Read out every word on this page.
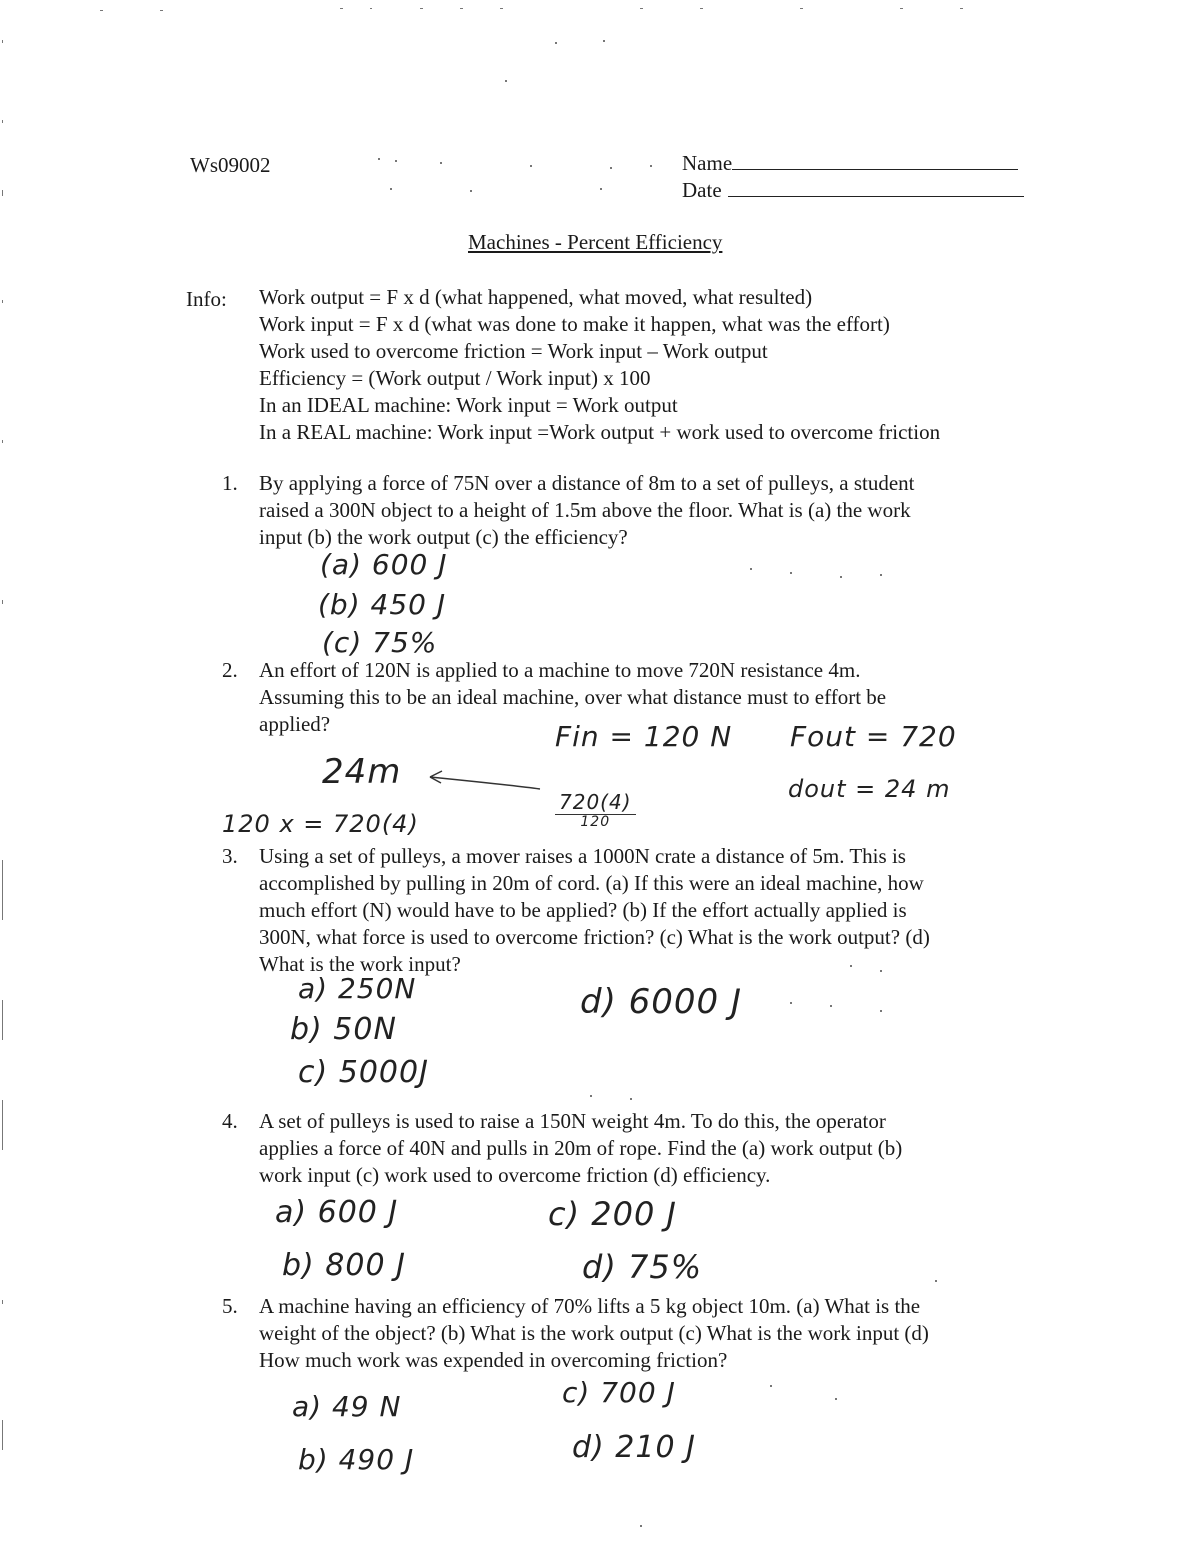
Ws09002	Name
Date
Machines - Percent Efficiency
Info: Work output = F x d (what happened, what moved, what resulted)
Work input = F x d (what was done to make it happen, what was the effort)
Work used to overcome friction = Work input – Work output
Efficiency = (Work output / Work input) x 100
In an IDEAL machine: Work input = Work output
In a REAL machine: Work input =Work output + work used to overcome friction
1. By applying a force of 75N over a distance of 8m to a set of pulleys, a student
raised a 300N object to a height of 1.5m above the floor. What is (a) the work
input (b) the work output (c) the efficiency?
(a) 600 J
(b) 450 J
(c) 75%
2. An effort of 120N is applied to a machine to move 720N resistance 4m.
Assuming this to be an ideal machine, over what distance must to effort be
applied?	Fin = 120 N Fout = 720
24m	dout = 24 m
120 x = 720(4)
720(4)
120
3. Using a set of pulleys, a mover raises a 1000N crate a distance of 5m. This is
accomplished by pulling in 20m of cord. (a) If this were an ideal machine, how
much effort (N) would have to be applied? (b) If the effort actually applied is
300N, what force is used to overcome friction? (c) What is the work output? (d)
What is the work input?
a) 250N
b) 50N
c) 5000J
d) 6000 J
4. A set of pulleys is used to raise a 150N weight 4m. To do this, the operator
applies a force of 40N and pulls in 20m of rope. Find the (a) work output (b)
work input (c) work used to overcome friction (d) efficiency.
a) 600 J
b) 800 J
c) 200 J
d) 75%
5. A machine having an efficiency of 70% lifts a 5 kg object 10m. (a) What is the
weight of the object? (b) What is the work output (c) What is the work input (d)
How much work was expended in overcoming friction?
a) 49 N
b) 490 J
c) 700 J
d) 210 J
